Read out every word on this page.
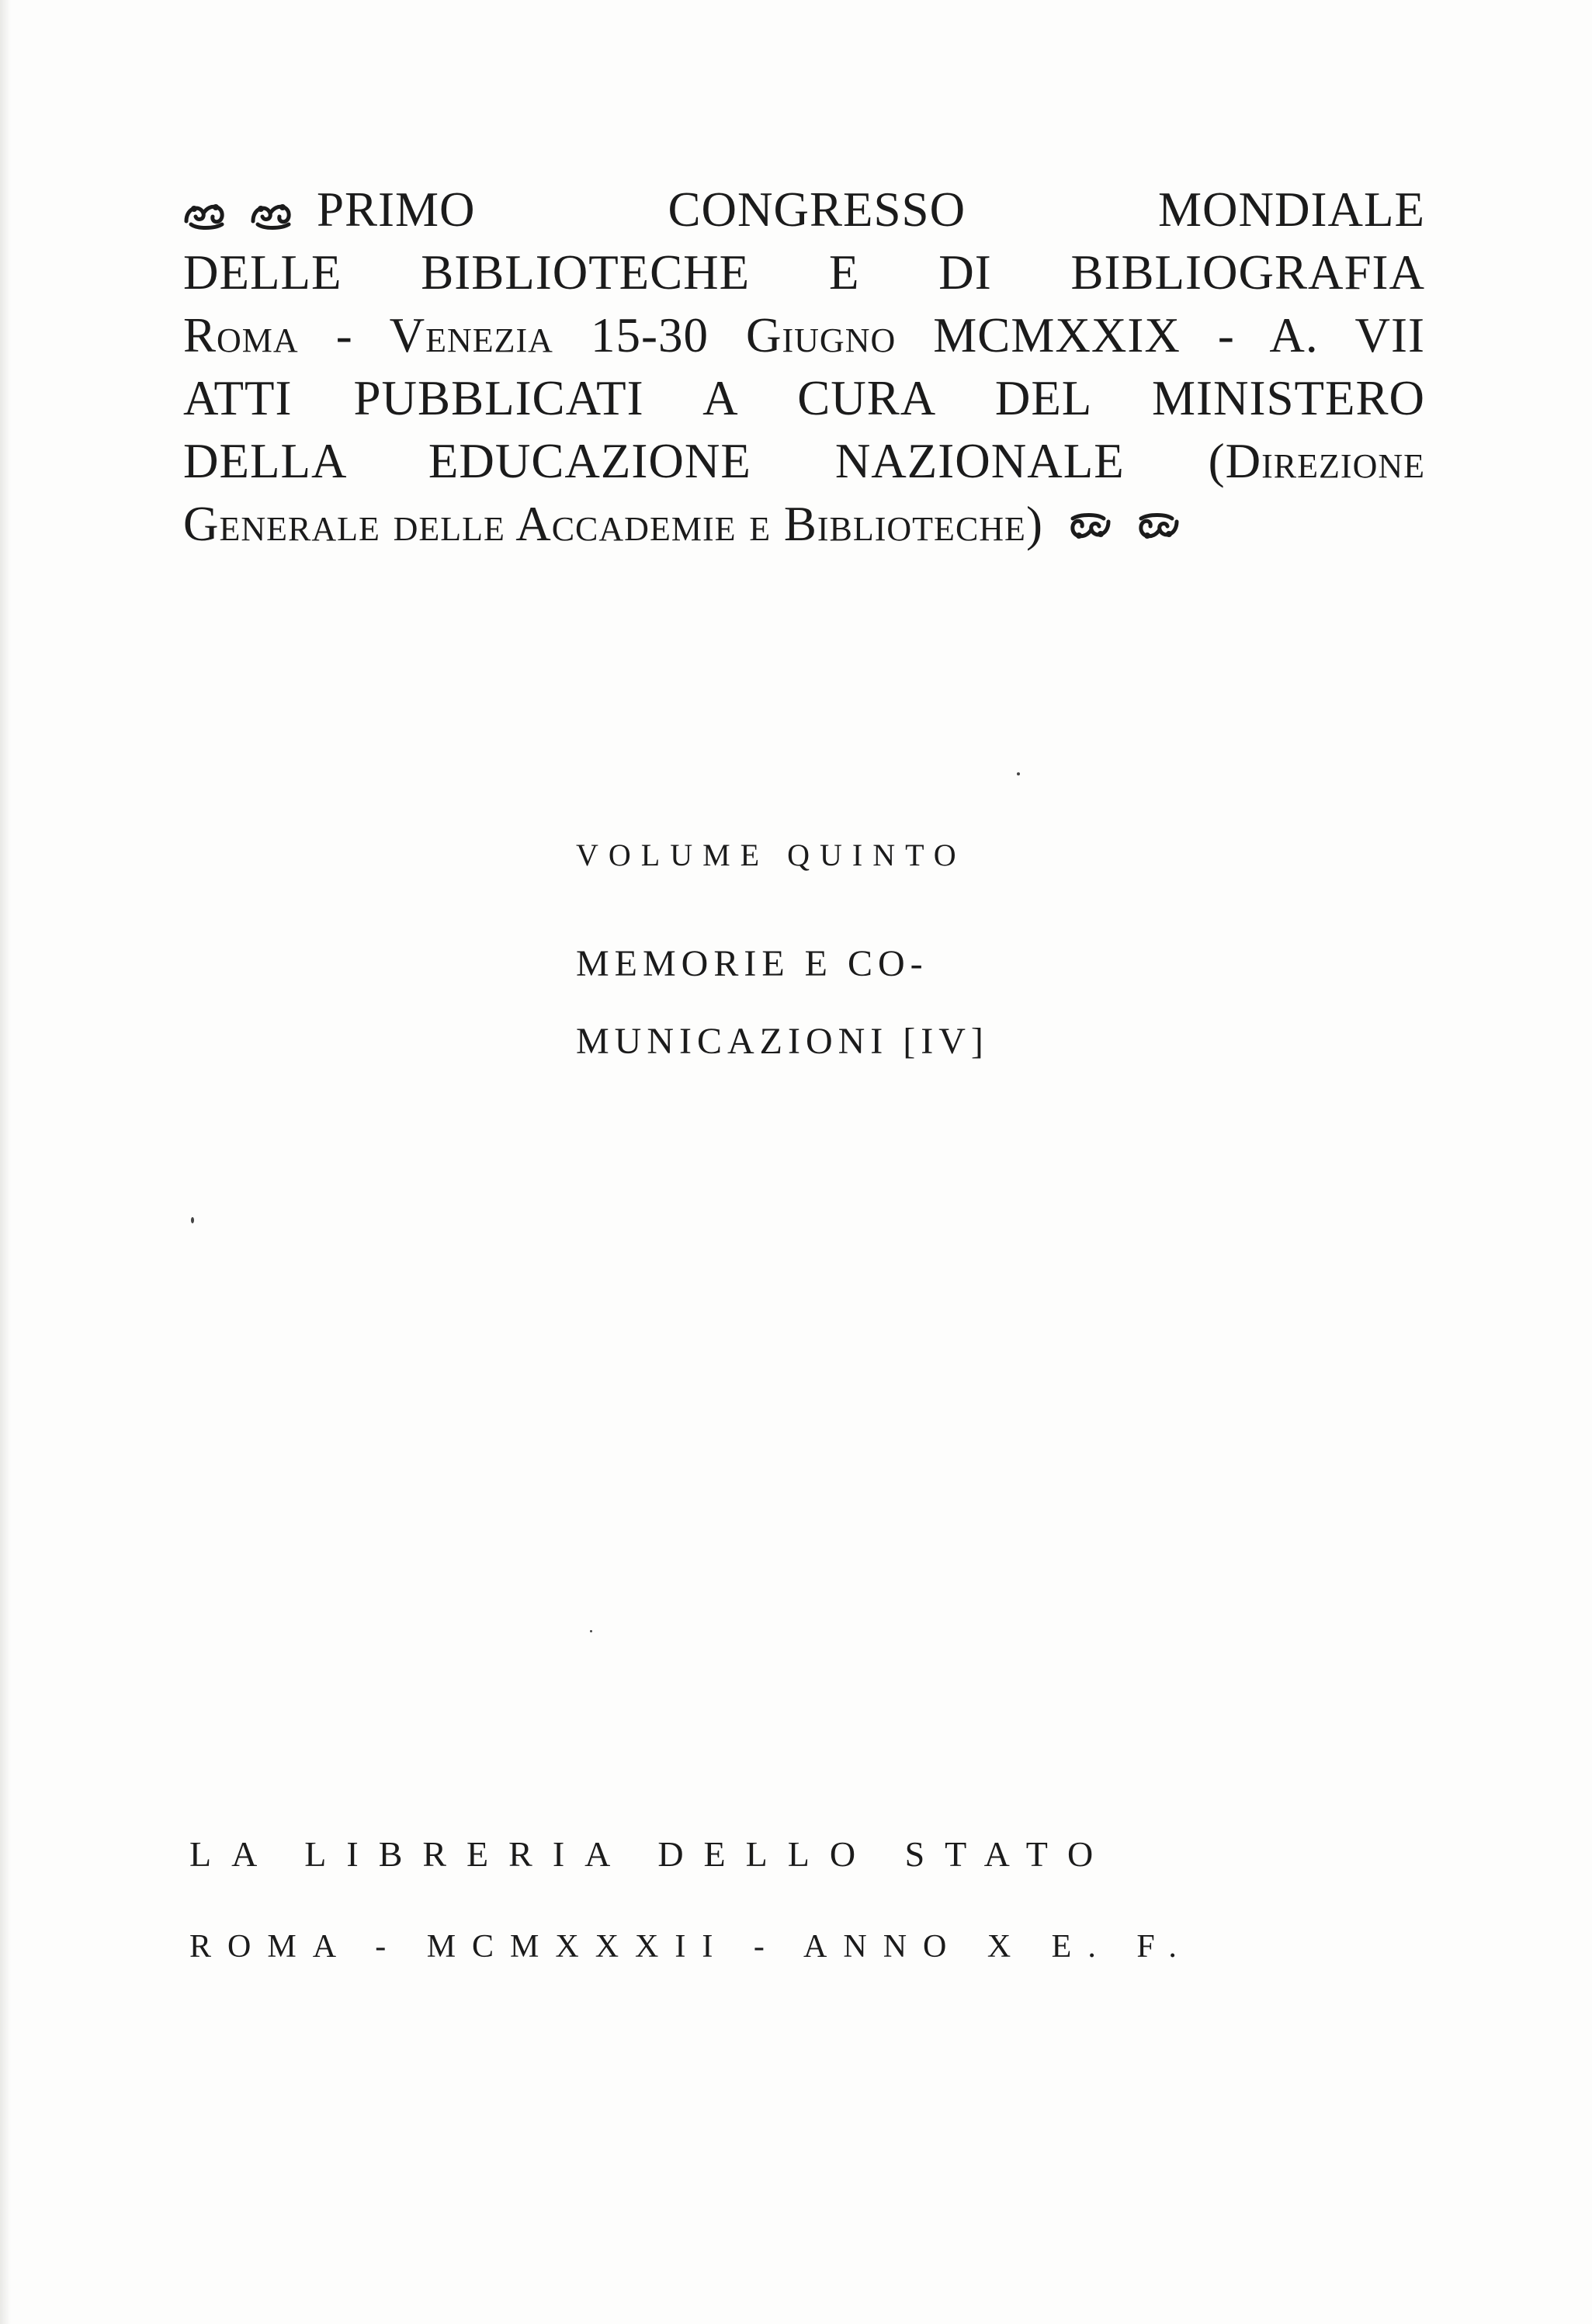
PRIMO CONGRESSO MONDIALE
DELLE BIBLIOTECHE E DI BIBLIOGRAFIA
Roma - Venezia 15-30 Giugno MCMXXIX - A. VII
ATTI PUBBLICATI A CURA DEL MINISTERO
DELLA EDUCAZIONE NAZIONALE (Direzione
Generale delle Accademie e Biblioteche)
VOLUME QUINTO
MEMORIE E CO-
MUNICAZIONI [IV]
LA LIBRERIA DELLO STATO
ROMA - MCMXXXII - ANNO X E. F.
